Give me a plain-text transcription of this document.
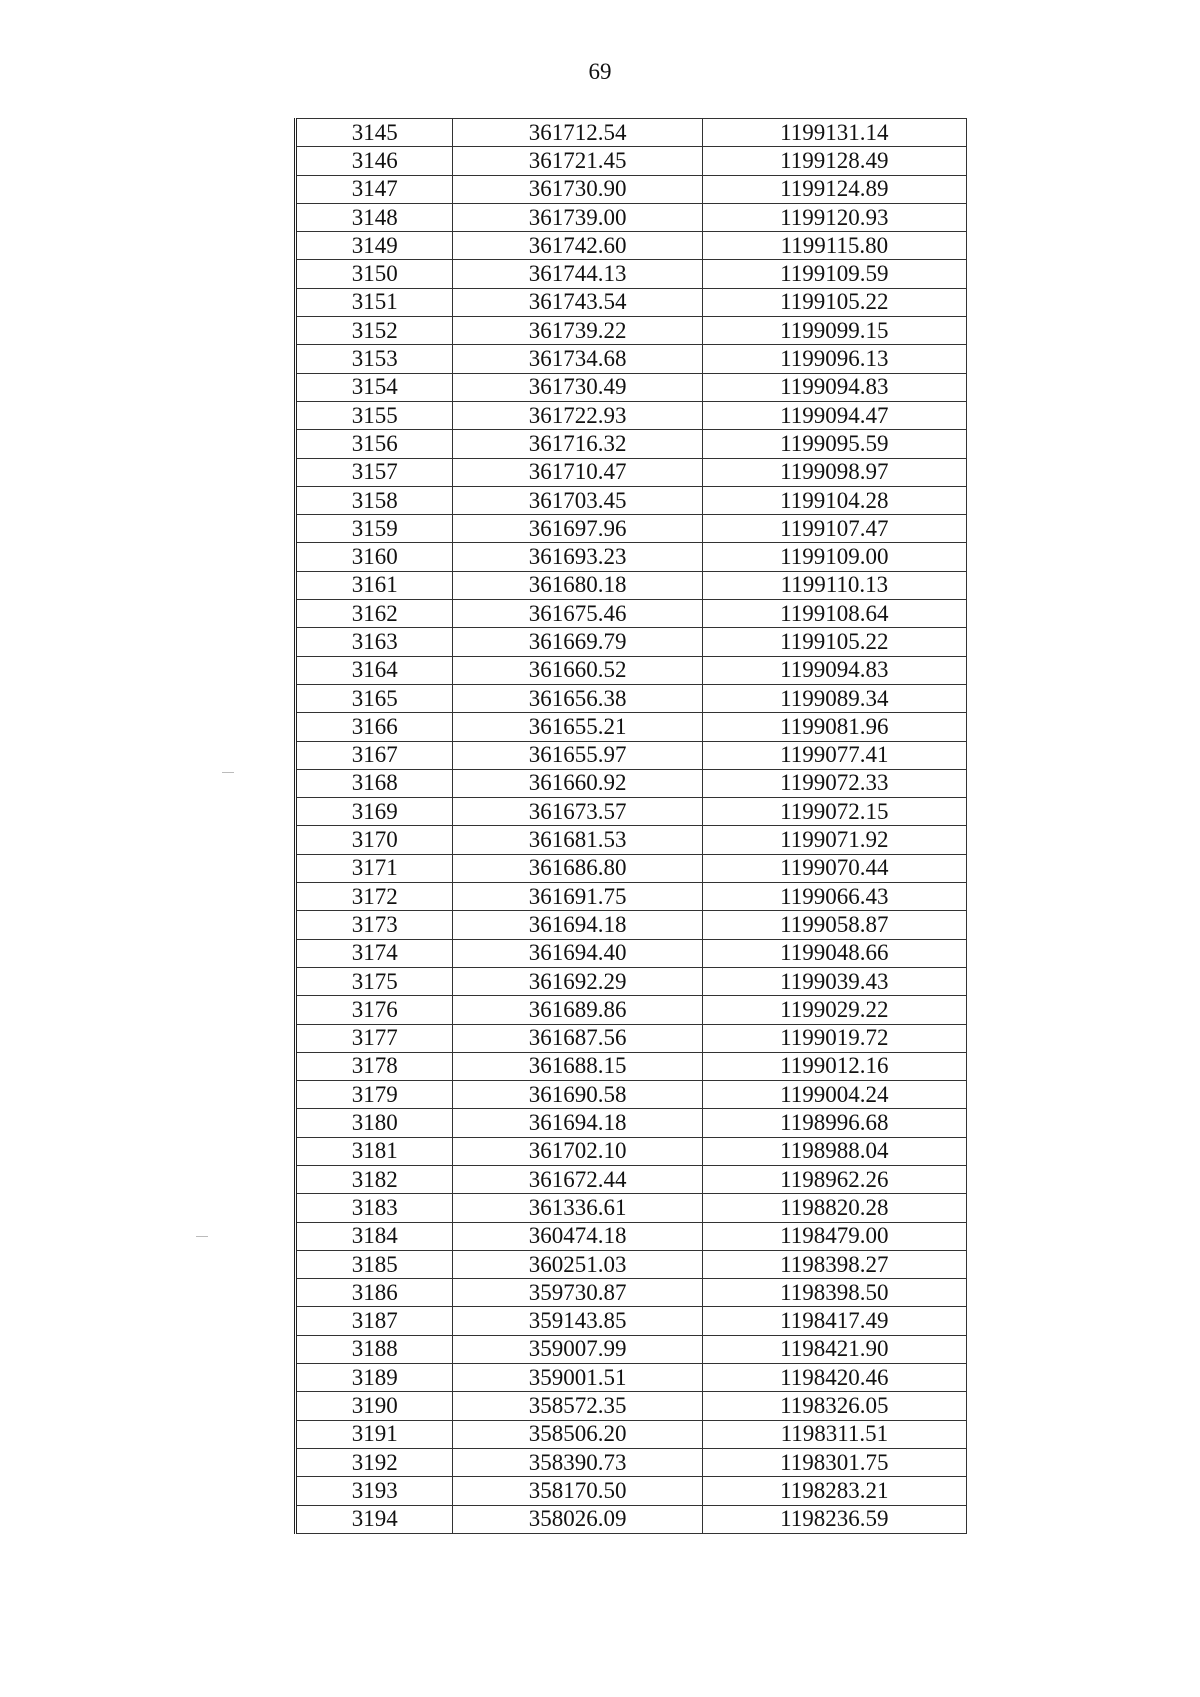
69
3145	361712.54	1199131.14
3146	361721.45	1199128.49
3147	361730.90	1199124.89
3148	361739.00	1199120.93
3149	361742.60	1199115.80
3150	361744.13	1199109.59
3151	361743.54	1199105.22
3152	361739.22	1199099.15
3153	361734.68	1199096.13
3154	361730.49	1199094.83
3155	361722.93	1199094.47
3156	361716.32	1199095.59
3157	361710.47	1199098.97
3158	361703.45	1199104.28
3159	361697.96	1199107.47
3160	361693.23	1199109.00
3161	361680.18	1199110.13
3162	361675.46	1199108.64
3163	361669.79	1199105.22
3164	361660.52	1199094.83
3165	361656.38	1199089.34
3166	361655.21	1199081.96
3167	361655.97	1199077.41
3168	361660.92	1199072.33
3169	361673.57	1199072.15
3170	361681.53	1199071.92
3171	361686.80	1199070.44
3172	361691.75	1199066.43
3173	361694.18	1199058.87
3174	361694.40	1199048.66
3175	361692.29	1199039.43
3176	361689.86	1199029.22
3177	361687.56	1199019.72
3178	361688.15	1199012.16
3179	361690.58	1199004.24
3180	361694.18	1198996.68
3181	361702.10	1198988.04
3182	361672.44	1198962.26
3183	361336.61	1198820.28
3184	360474.18	1198479.00
3185	360251.03	1198398.27
3186	359730.87	1198398.50
3187	359143.85	1198417.49
3188	359007.99	1198421.90
3189	359001.51	1198420.46
3190	358572.35	1198326.05
3191	358506.20	1198311.51
3192	358390.73	1198301.75
3193	358170.50	1198283.21
3194	358026.09	1198236.59
